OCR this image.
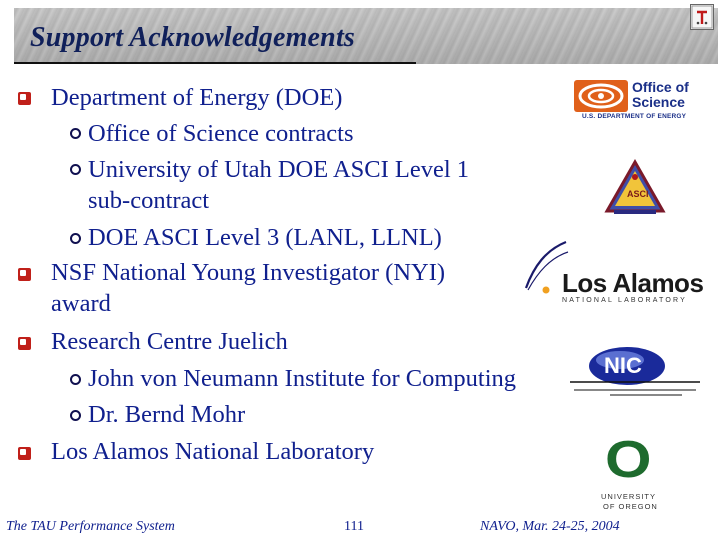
Support Acknowledgements
Department of Energy (DOE)
Office of Science contracts
University of Utah DOE ASCI Level 1
sub-contract
DOE ASCI Level 3 (LANL, LLNL)
NSF National Young Investigator (NYI)
award
Research Centre Juelich
John von Neumann Institute for Computing
Dr. Bernd Mohr
Los Alamos National Laboratory
Office of
Science
U.S. DEPARTMENT OF ENERGY
ASCI
Los Alamos
NATIONAL LABORATORY
NIC
O
UNIVERSITY
OF OREGON
The TAU Performance System	111	NAVO, Mar. 24-25, 2004
